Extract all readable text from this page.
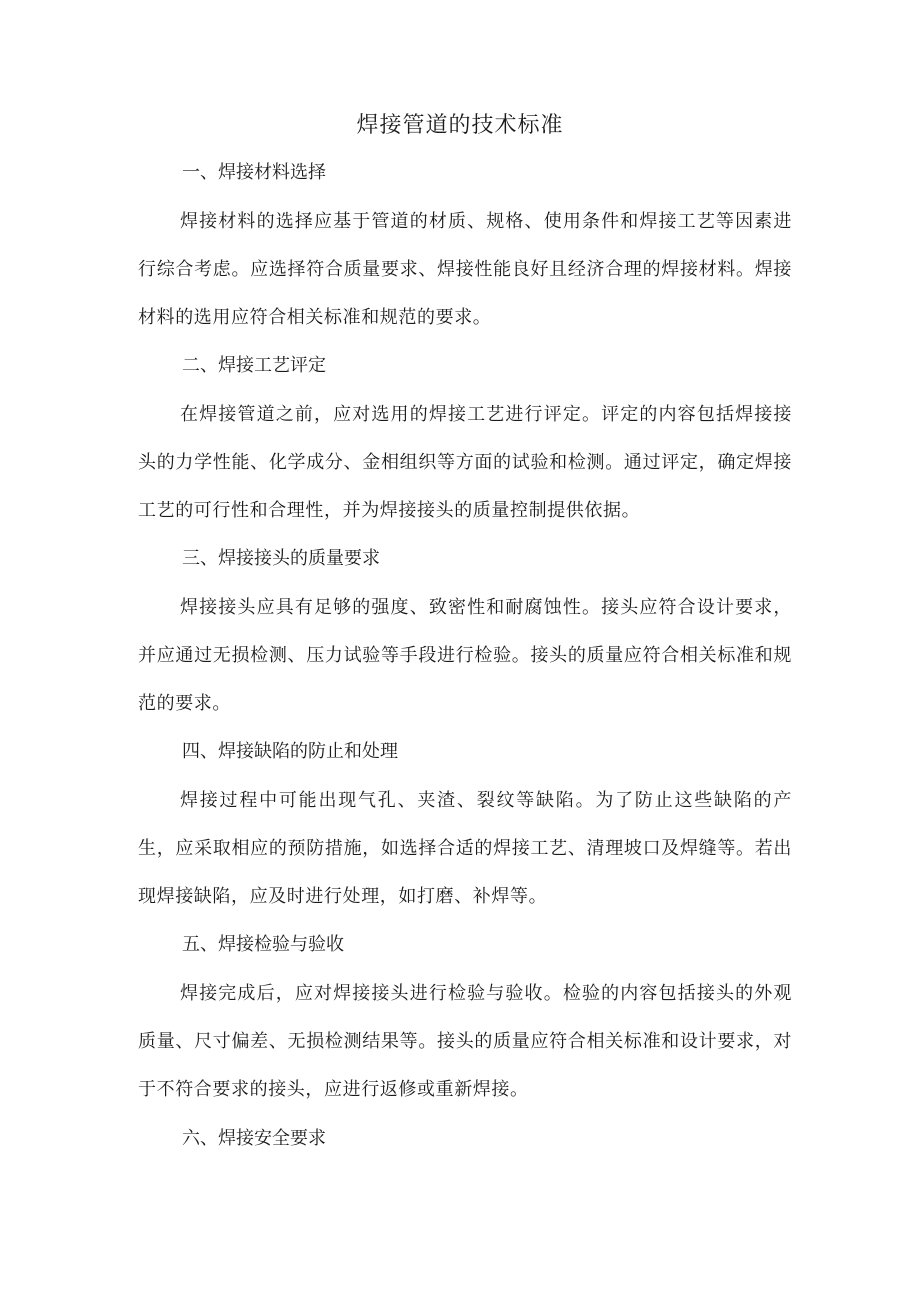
焊接管道的技术标准
一、焊接材料选择
焊接材料的选择应基于管道的材质、规格、使用条件和焊接工艺等因素进行综合考虑。应选择符合质量要求、焊接性能良好且经济合理的焊接材料。焊接材料的选用应符合相关标准和规范的要求。
二、焊接工艺评定
在焊接管道之前，应对选用的焊接工艺进行评定。评定的内容包括焊接接头的力学性能、化学成分、金相组织等方面的试验和检测。通过评定，确定焊接工艺的可行性和合理性，并为焊接接头的质量控制提供依据。
三、焊接接头的质量要求
焊接接头应具有足够的强度、致密性和耐腐蚀性。接头应符合设计要求，并应通过无损检测、压力试验等手段进行检验。接头的质量应符合相关标准和规范的要求。
四、焊接缺陷的防止和处理
焊接过程中可能出现气孔、夹渣、裂纹等缺陷。为了防止这些缺陷的产生，应采取相应的预防措施，如选择合适的焊接工艺、清理坡口及焊缝等。若出现焊接缺陷，应及时进行处理，如打磨、补焊等。
五、焊接检验与验收
焊接完成后，应对焊接接头进行检验与验收。检验的内容包括接头的外观质量、尺寸偏差、无损检测结果等。接头的质量应符合相关标准和设计要求，对于不符合要求的接头，应进行返修或重新焊接。
六、焊接安全要求
